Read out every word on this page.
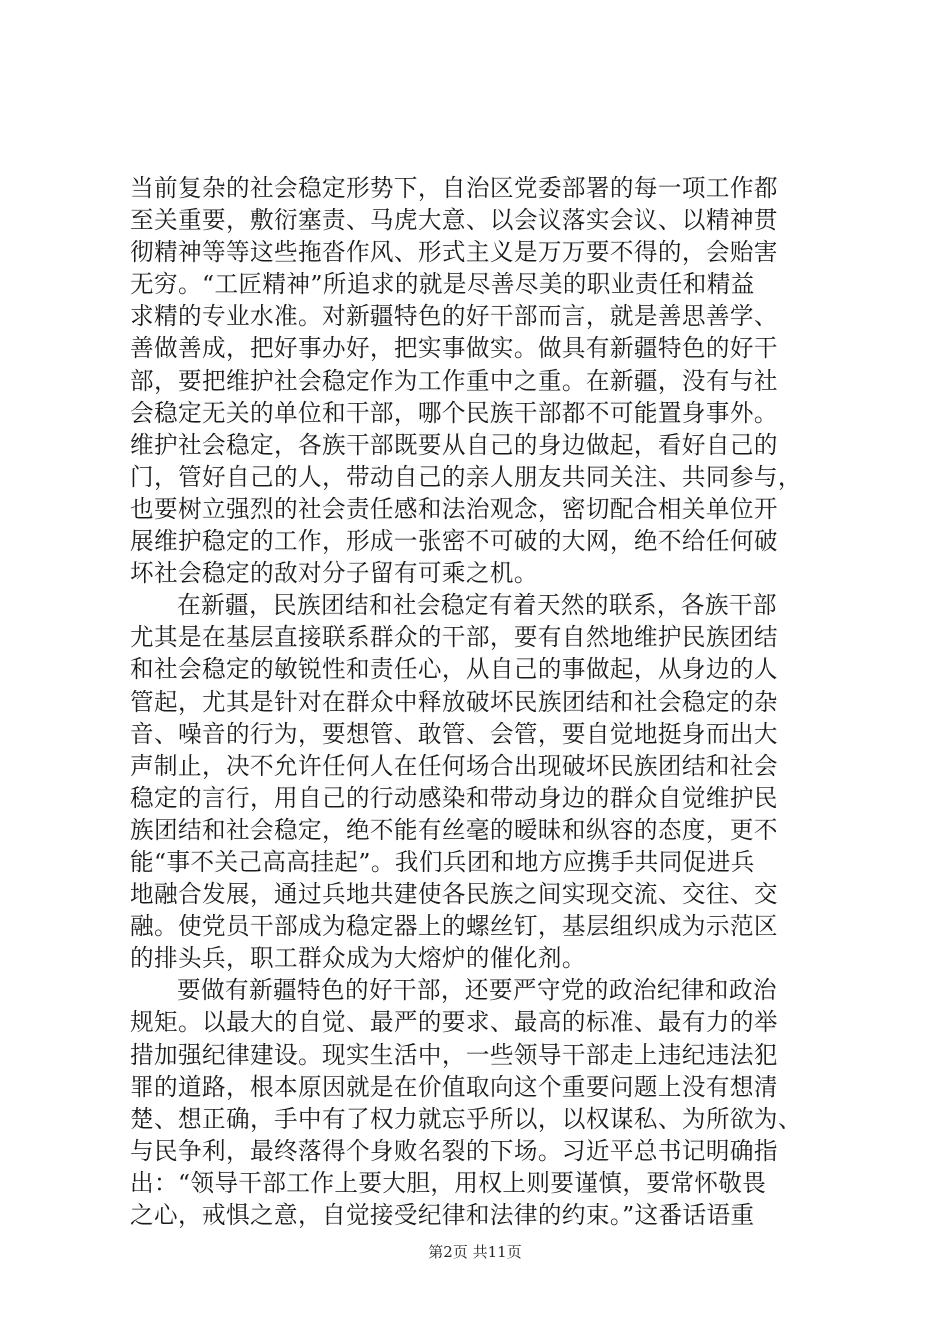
当前复杂的社会稳定形势下，自治区党委部署的每一项工作都
至关重要，敷衍塞责、马虎大意、以会议落实会议、以精神贯
彻精神等等这些拖沓作风、形式主义是万万要不得的，会贻害
无穷。“工匠精神”所追求的就是尽善尽美的职业责任和精益
求精的专业水准。对新疆特色的好干部而言，就是善思善学、
善做善成，把好事办好，把实事做实。做具有新疆特色的好干
部，要把维护社会稳定作为工作重中之重。在新疆，没有与社
会稳定无关的单位和干部，哪个民族干部都不可能置身事外。
维护社会稳定，各族干部既要从自己的身边做起，看好自己的
门，管好自己的人，带动自己的亲人朋友共同关注、共同参与，
也要树立强烈的社会责任感和法治观念，密切配合相关单位开
展维护稳定的工作，形成一张密不可破的大网，绝不给任何破
坏社会稳定的敌对分子留有可乘之机。
在新疆，民族团结和社会稳定有着天然的联系，各族干部
尤其是在基层直接联系群众的干部，要有自然地维护民族团结
和社会稳定的敏锐性和责任心，从自己的事做起，从身边的人
管起，尤其是针对在群众中释放破坏民族团结和社会稳定的杂
音、噪音的行为，要想管、敢管、会管，要自觉地挺身而出大
声制止，决不允许任何人在任何场合出现破坏民族团结和社会
稳定的言行，用自己的行动感染和带动身边的群众自觉维护民
族团结和社会稳定，绝不能有丝毫的暧昧和纵容的态度，更不
能“事不关己高高挂起”。我们兵团和地方应携手共同促进兵
地融合发展，通过兵地共建使各民族之间实现交流、交往、交
融。使党员干部成为稳定器上的螺丝钉，基层组织成为示范区
的排头兵，职工群众成为大熔炉的催化剂。
要做有新疆特色的好干部，还要严守党的政治纪律和政治
规矩。以最大的自觉、最严的要求、最高的标准、最有力的举
措加强纪律建设。现实生活中，一些领导干部走上违纪违法犯
罪的道路，根本原因就是在价值取向这个重要问题上没有想清
楚、想正确，手中有了权力就忘乎所以，以权谋私、为所欲为、
与民争利，最终落得个身败名裂的下场。习近平总书记明确指
出：“领导干部工作上要大胆，用权上则要谨慎，要常怀敬畏
之心，戒惧之意，自觉接受纪律和法律的约束。”这番话语重
第2页 共11页
